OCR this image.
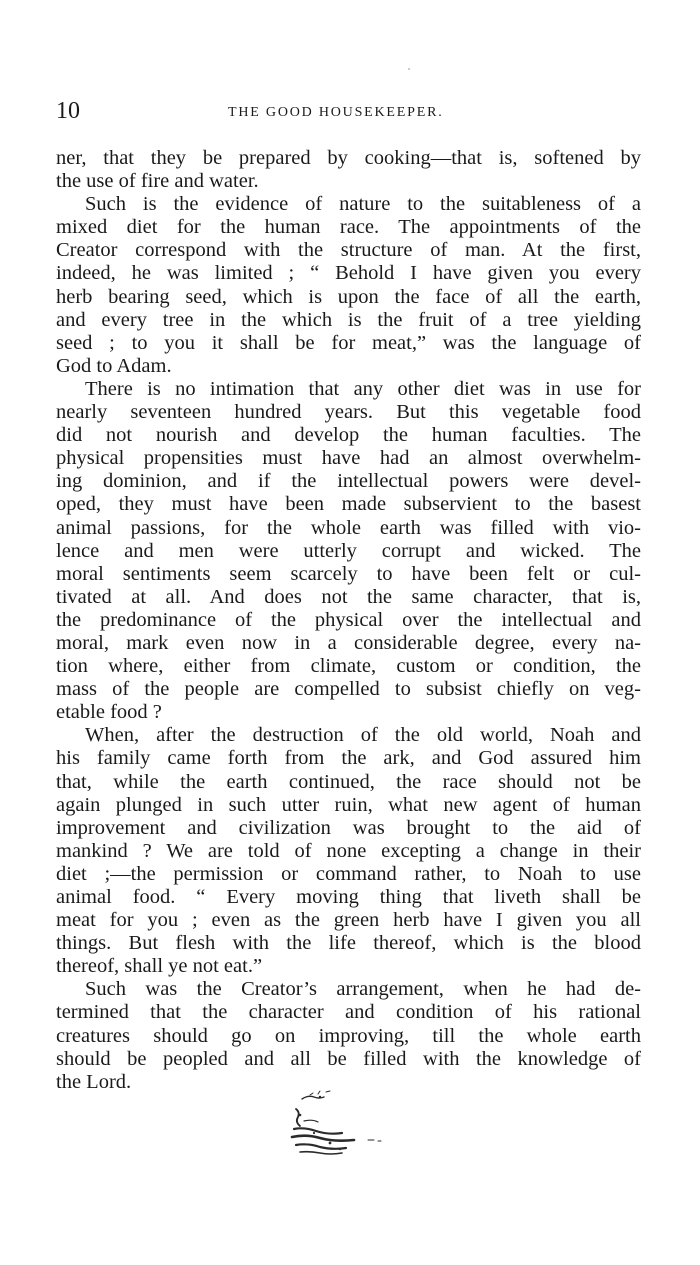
10	THE GOOD HOUSEKEEPER.
ner, that they be prepared by cooking—that is, softened by
the use of fire and water.
Such is the evidence of nature to the suitableness of a
mixed diet for the human race. The appointments of the
Creator correspond with the structure of man. At the first,
indeed, he was limited ; “ Behold I have given you every
herb bearing seed, which is upon the face of all the earth,
and every tree in the which is the fruit of a tree yielding
seed ; to you it shall be for meat,” was the language of
God to Adam.
There is no intimation that any other diet was in use for
nearly seventeen hundred years. But this vegetable food
did not nourish and develop the human faculties. The
physical propensities must have had an almost overwhelm-
ing dominion, and if the intellectual powers were devel-
oped, they must have been made subservient to the basest
animal passions, for the whole earth was filled with vio-
lence and men were utterly corrupt and wicked. The
moral sentiments seem scarcely to have been felt or cul-
tivated at all. And does not the same character, that is,
the predominance of the physical over the intellectual and
moral, mark even now in a considerable degree, every na-
tion where, either from climate, custom or condition, the
mass of the people are compelled to subsist chiefly on veg-
etable food ?
When, after the destruction of the old world, Noah and
his family came forth from the ark, and God assured him
that, while the earth continued, the race should not be
again plunged in such utter ruin, what new agent of human
improvement and civilization was brought to the aid of
mankind ? We are told of none excepting a change in their
diet ;—the permission or command rather, to Noah to use
animal food. “ Every moving thing that liveth shall be
meat for you ; even as the green herb have I given you all
things. But flesh with the life thereof, which is the blood
thereof, shall ye not eat.”
Such was the Creator’s arrangement, when he had de-
termined that the character and condition of his rational
creatures should go on improving, till the whole earth
should be peopled and all be filled with the knowledge of
the Lord.
